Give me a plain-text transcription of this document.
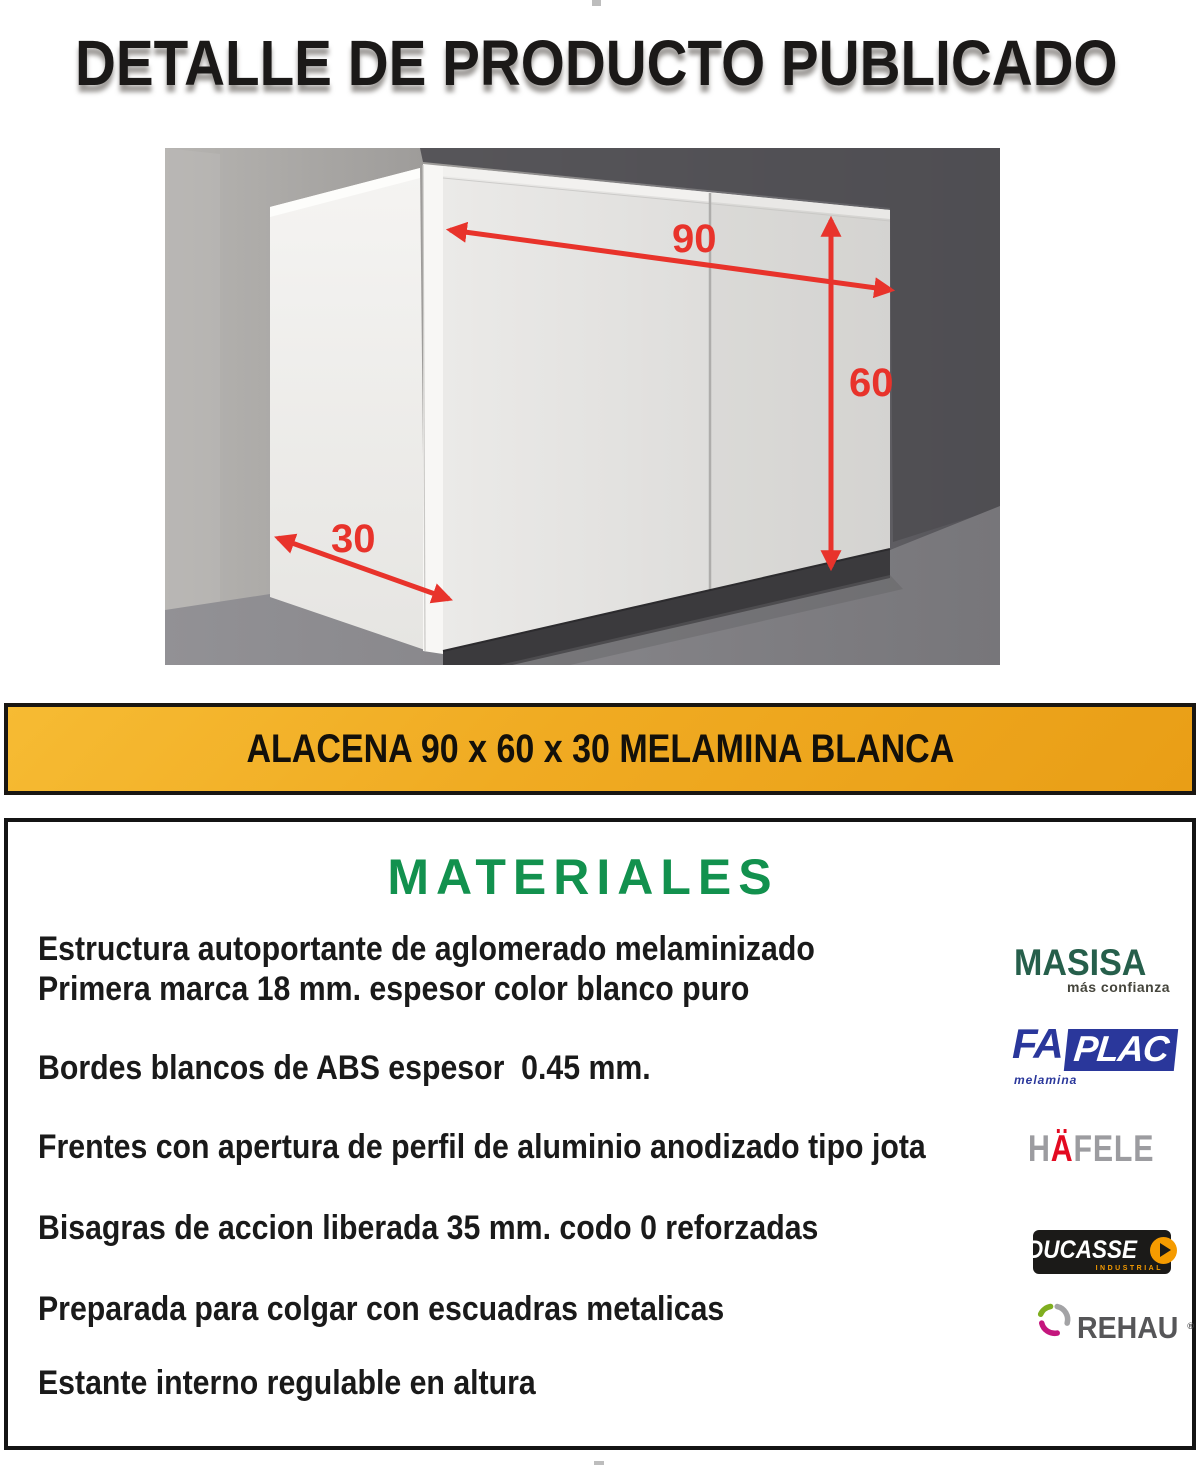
DETALLE DE PRODUCTO PUBLICADO
90
60
30
ALACENA 90 x 60 x 30 MELAMINA BLANCA
MATERIALES
Estructura autoportante de aglomerado melaminizado
Primera marca 18 mm. espesor color blanco puro
Bordes blancos de ABS espesor  0.45 mm.
Frentes con apertura de perfil de aluminio anodizado tipo jota
Bisagras de accion liberada 35 mm. codo 0 reforzadas
Preparada para colgar con escuadras metalicas
Estante interno regulable en altura
MASISA
más confianza
FA
melamina
PLAC
HÄFELE
DUCASSE
INDUSTRIAL
REHAU ®
